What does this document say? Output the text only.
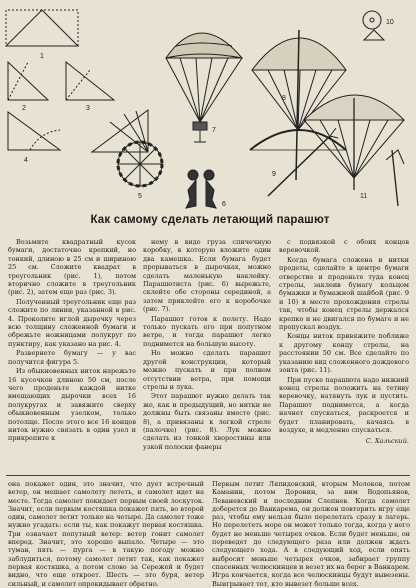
1
2	3
4
5
6
7
8
9
10
11
Как самому сделать летающий парашют

Возьмите квадратный кусок бумаги, достаточно крепкий, но тонкий, длиною в 25 см и шириною 25 см. Сложите квадрат в треугольник (рис. 1), потом вторично сложите в треугольник (рис. 2), затем еще раз (рис. 3).

Полученный треугольник еще раз сложите по линии, указанной в рис. 4. Проколите иглой дырочку через всю толщину сложенной бумаги и обрежьте ножницами полукруг по пунктиру, как указано на рис. 4.

Развернете бумагу — у вас получится фигура 5.

Из обыкновенных ниток нарежьте 16 кусочков длиною 50 см, после чего проденьте каждой нитке вмещающих дырочки всех 16 полукругах и завяжите сверху обыкновенным узелком, только потолще. После этого все 16 концов ниток нужно связать в один узел и прикрепите к

нему в виде груза спичечную коробку, в которую вложите один два камешка. Если бумага будет прорываться в дырочках, можно сделать маленькую наклейку. Парашютиста (рис. 6) вырежьте, склейте обе стороны серединой, а затем приклейте его к коробочке (рис. 7).

Парашют готов к полету. Надо только пускать его при попутном ветре, и тогда парашют легко поднимется на большую высоту.

Но можно сделать парашют другой конструкции, который можно пускать и при полном отсутствии ветра, при помощи стрелы и лука.

Этот парашют нужно делать так же, как и предыдущий, но нитки не должны быть связаны вместе (рис. 8), а привязаны к легкой стреле (палочке) (рис. 8). Лук можно сделать из тонкой хворостины или узкой полоски фанеры

с подвязкой с обоих концов веревочкой.

Когда бумага сложена и нитки продеты, сделайте в центре бумаги отверстие и проденьте туда конец стрелы, заклеив бумагу кольцом бумажки и бумажной шайбой (рис. 9 и 10) в месте прохождения стрелы так, чтобы конец стрелы держался крепко и не двигался по бумаге и не пропускал воздух.

Концы ниток привяжите поближе к другому концу стрелы, на расстоянии 50 см. Все сделайте по указанию вид сложенного дождевого зонта (рис. 11).

При пуске парашюта надо нижний конец стрелы положить на тетиву веревочку, натянуть лук и пустить. Парашют поднимется, а когда начнет спускаться, раскроется и будет планировать, качаясь в воздухе, и медленно спускаться.

С. Хальский.
она покажет один, это значит, что дует встречный ветер, он мешает самолету лететь, и самолет идет на месте. Тогда самолет покидает первым своей лоскуток. Значит, если первым костяшка покажет пять, во второй один, самолет летит только на четыре. Да самолет тоже нужно угадать: если ты, как покажут первая костяшка. Три означает попутный ветер: ветер гонит самолет вперед. Значит, это хорошо выпало. Четыре — это туман, пять — пурга — в такую погоду можно заблудиться, потому самолет летит так, как покажет первая костяшка, а потом слово за Сережей и будет видно, что еще откроет. Шесть — это буря, ветер сильный, и самолет опрокидывает обратно.
Первым летит Ляпидовский, вторым Молоков, потом Каманин, потом Доронин, за ним Водопьянов, Леваневский и последним Слепнев. Когда самолет доберется до Ванкарема, он должен повторить игру еще раз, чтобы ему нельзя было перелетать сразу в лагерь. Но перелететь море он может только тогда, когда у него будет не меньше четырех очков. Если будет меньше, он переведет до следующего раза или должен ждать следующего хода. А в следующий ход, если опять выбросит меньше четырех очков, забирает группу спасенных челюскинцев и везет их на берег в Ванкарем. Игра кончается, когда все челюскинцы будут вывезены. Выигрывает тот, кто вывезет больше всех.
